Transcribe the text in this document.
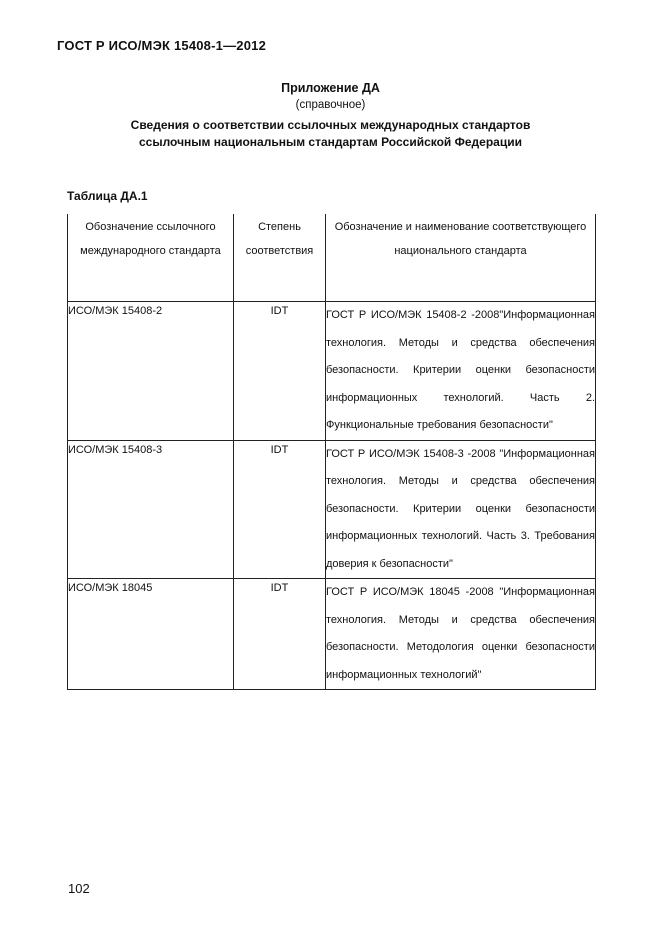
ГОСТ Р ИСО/МЭК 15408-1—2012
Приложение ДА
(справочное)
Сведения о соответствии ссылочных международных стандартов
ссылочным национальным стандартам Российской Федерации
Таблица ДА.1
Обозначение ссылочного международного стандарта	Степень соответствия	Обозначение и наименование соответствующего национального стандарта
ИСО/МЭК 15408-2	IDT	ГОСТ Р ИСО/МЭК 15408-2 -2008"Информационная технология. Методы и средства обеспечения безопасности. Критерии оценки безопасности информационных технологий. Часть 2. Функциональные требования безопасности"
ИСО/МЭК 15408-3	IDT	ГОСТ Р ИСО/МЭК 15408-3 -2008 "Информационная технология. Методы и средства обеспечения безопасности. Критерии оценки безопасности информационных технологий. Часть 3. Требования доверия к безопасности"
ИСО/МЭК 18045	IDT	ГОСТ Р ИСО/МЭК 18045 -2008 "Информационная технология. Методы и средства обеспечения безопасности. Методология оценки безопасности информационных технологий"
102
